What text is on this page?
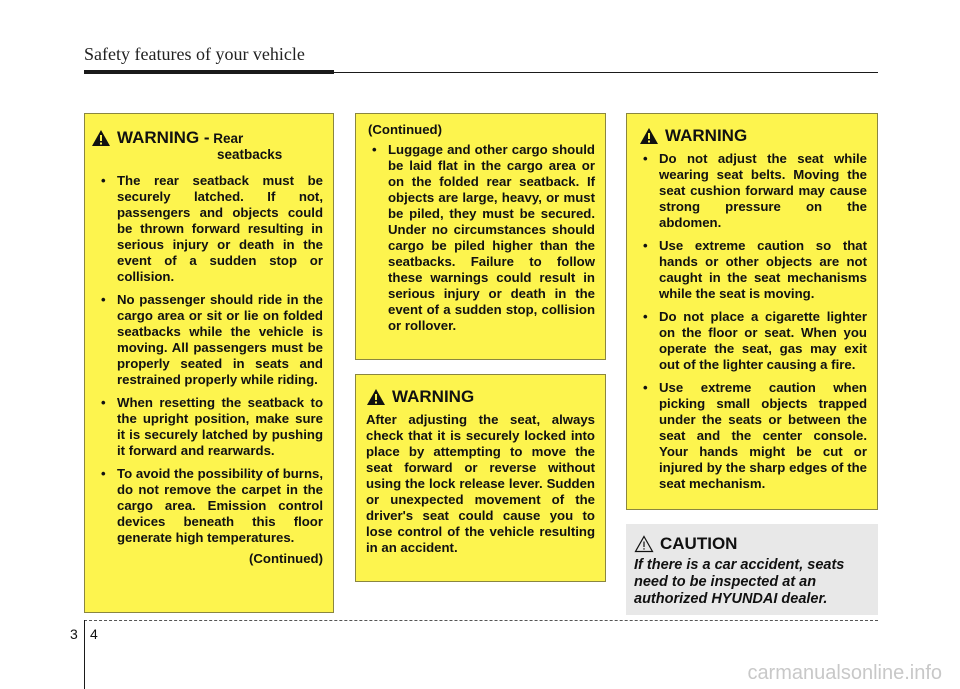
Safety features of your vehicle
WARNING - Rear
seatbacks
• The rear seatback must be securely latched. If not, passengers and objects could be thrown forward resulting in serious injury or death in the event of a sudden stop or collision.
• No passenger should ride in the cargo area or sit or lie on folded seatbacks while the vehicle is moving. All passengers must be properly seated in seats and restrained properly while riding.
• When resetting the seatback to the upright position, make sure it is securely latched by pushing it forward and rearwards.
• To avoid the possibility of burns, do not remove the carpet in the cargo area. Emission control devices beneath this floor generate high temperatures.
(Continued)
(Continued)
• Luggage and other cargo should be laid flat in the cargo area or on the folded rear seatback. If objects are large, heavy, or must be piled, they must be secured. Under no circumstances should cargo be piled higher than the seatbacks. Failure to follow these warnings could result in serious injury or death in the event of a sudden stop, collision or rollover.
WARNING
After adjusting the seat, always check that it is securely locked into place by attempting to move the seat forward or reverse without using the lock release lever. Sudden or unexpected movement of the driver's seat could cause you to lose control of the vehicle resulting in an accident.
WARNING
• Do not adjust the seat while wearing seat belts. Moving the seat cushion forward may cause strong pressure on the abdomen.
• Use extreme caution so that hands or other objects are not caught in the seat mechanisms while the seat is moving.
• Do not place a cigarette lighter on the floor or seat. When you operate the seat, gas may exit out of the lighter causing a fire.
• Use extreme caution when picking small objects trapped under the seats or between the seat and the center console. Your hands might be cut or injured by the sharp edges of the seat mechanism.
CAUTION
If there is a car accident, seats need to be inspected at an authorized HYUNDAI dealer.
3 4
carmanualsonline.info
